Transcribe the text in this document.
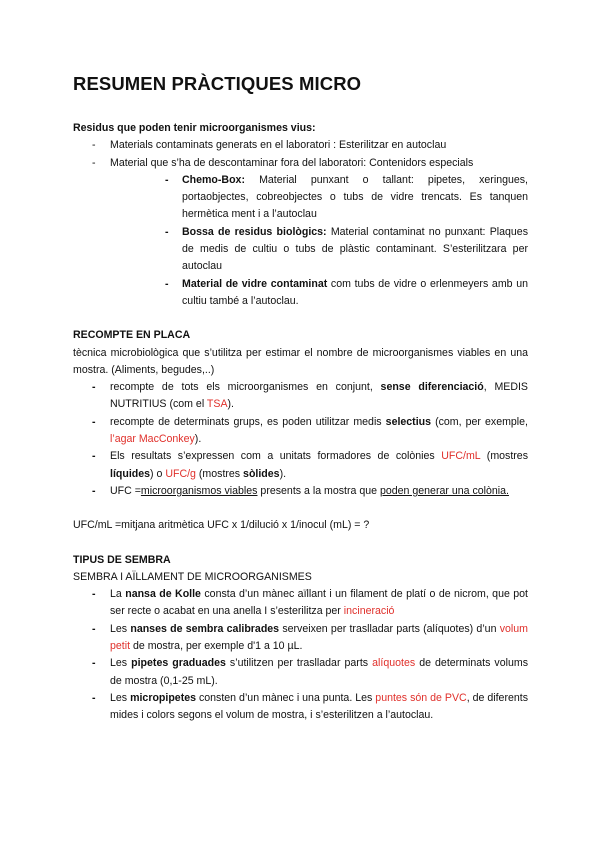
RESUMEN PRÀCTIQUES MICRO

Residus que poden tenir microorganismes vius:

- Materials contaminats generats en el laboratori : Esterilitzar en autoclau
- Material que s’ha de descontaminar fora del laboratori: Contenidors especials
- Chemo-Box: Material punxant o tallant: pipetes, xeringues, portaobjectes, cobreobjectes o tubs de vidre trencats. Es tanquen hermètica ment i a l’autoclau
- Bossa de residus biològics: Material contaminat no punxant: Plaques de medis de cultiu o tubs de plàstic contaminant. S’esterilitzara per autoclau
- Material de vidre contaminat com tubs de vidre o erlenmeyers amb un cultiu també a l’autoclau.

RECOMPTE EN PLACA

tècnica microbiològica que s’utilitza per estimar el nombre de microorganismes viables en una mostra. (Aliments, begudes,..)

- recompte de tots els microorganismes en conjunt, sense diferenciació, MEDIS NUTRITIUS (com el TSA).
- recompte de determinats grups, es poden utilitzar medis selectius (com, per exemple, l’agar MacConkey).
- Els resultats s’expressen com a unitats formadores de colònies UFC/mL (mostres líquides) o UFC/g (mostres sòlides).
- UFC =microorganismos viables presents a la mostra que poden generar una colònia.

UFC/mL =mitjana aritmètica UFC x 1/dilució x 1/inocul (mL) = ?

TIPUS DE SEMBRA

SEMBRA I AÏLLAMENT DE MICROORGANISMES

- La nansa de Kolle consta d’un mànec aïllant i un filament de platí o de nicrom, que pot ser recte o acabat en una anella I s’esterilitza per incineració
- Les nanses de sembra calibrades serveixen per traslladar parts (alíquotes) d’un volum petit de mostra, per exemple d'1 a 10 µL.
- Les pipetes graduades s’utilitzen per traslladar parts alíquotes de determinats volums de mostra (0,1-25 mL).
- Les micropipetes consten d’un mànec i una punta. Les puntes són de PVC, de diferents mides i colors segons el volum de mostra, i s’esterilitzen a l’autoclau.
